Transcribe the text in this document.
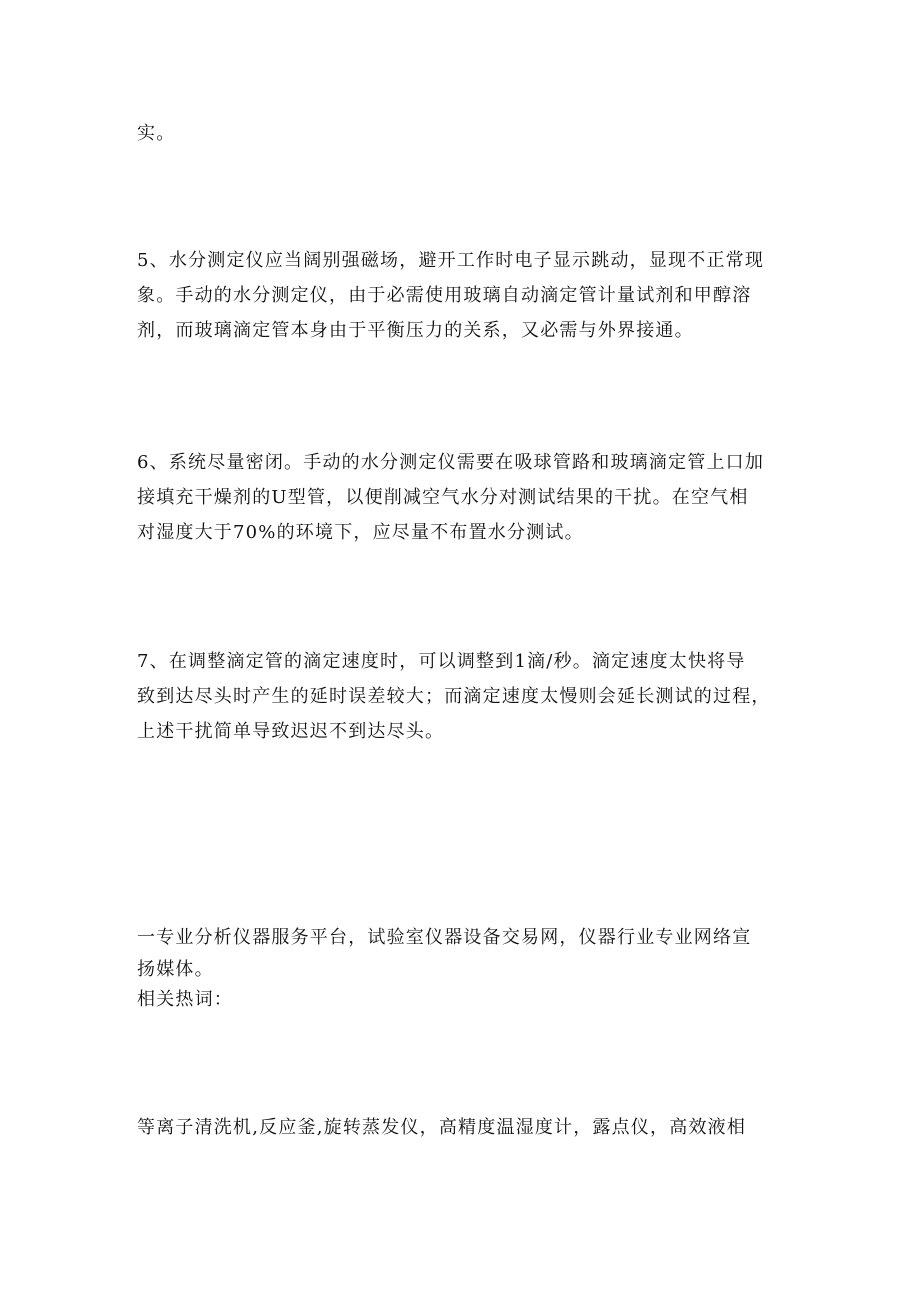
实。

5、水分测定仪应当阔别强磁场，避开工作时电子显示跳动，显现不正常现
象。手动的水分测定仪，由于必需使用玻璃自动滴定管计量试剂和甲醇溶
剂，而玻璃滴定管本身由于平衡压力的关系，又必需与外界接通。

6、系统尽量密闭。手动的水分测定仪需要在吸球管路和玻璃滴定管上口加
接填充干燥剂的U型管，以便削减空气水分对测试结果的干扰。在空气相
对湿度大于70%的环境下，应尽量不布置水分测试。

7、在调整滴定管的滴定速度时，可以调整到1滴/秒。滴定速度太快将导
致到达尽头时产生的延时误差较大；而滴定速度太慢则会延长测试的过程，
上述干扰简单导致迟迟不到达尽头。

一专业分析仪器服务平台，试验室仪器设备交易网，仪器行业专业网络宣
扬媒体。
相关热词：

等离子清洗机,反应釜,旋转蒸发仪，高精度温湿度计，露点仪，高效液相
